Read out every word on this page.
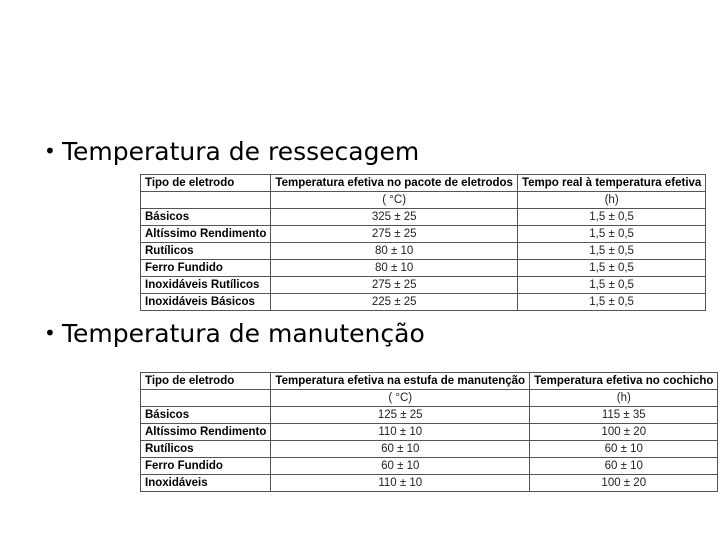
• Temperatura de ressecagem
Tipo de eletrodo	Temperatura efetiva no pacote de eletrodos	Tempo real à temperatura efetiva
	( °C)	(h)
Básicos	325 ± 25	1,5 ± 0,5
Altíssimo Rendimento	275 ± 25	1,5 ± 0,5
Rutílicos	80 ± 10	1,5 ± 0,5
Ferro Fundido	80 ± 10	1,5 ± 0,5
Inoxidáveis Rutílicos	275 ± 25	1,5 ± 0,5
Inoxidáveis Básicos	225 ± 25	1,5 ± 0,5
• Temperatura de manutenção
Tipo de eletrodo	Temperatura efetiva na estufa de manutenção	Temperatura efetiva no cochicho
	( °C)	(h)
Básicos	125 ± 25	115 ± 35
Altíssimo Rendimento	110 ± 10	100 ± 20
Rutílicos	60 ± 10	60 ± 10
Ferro Fundido	60 ± 10	60 ± 10
Inoxidáveis	110 ± 10	100 ± 20
